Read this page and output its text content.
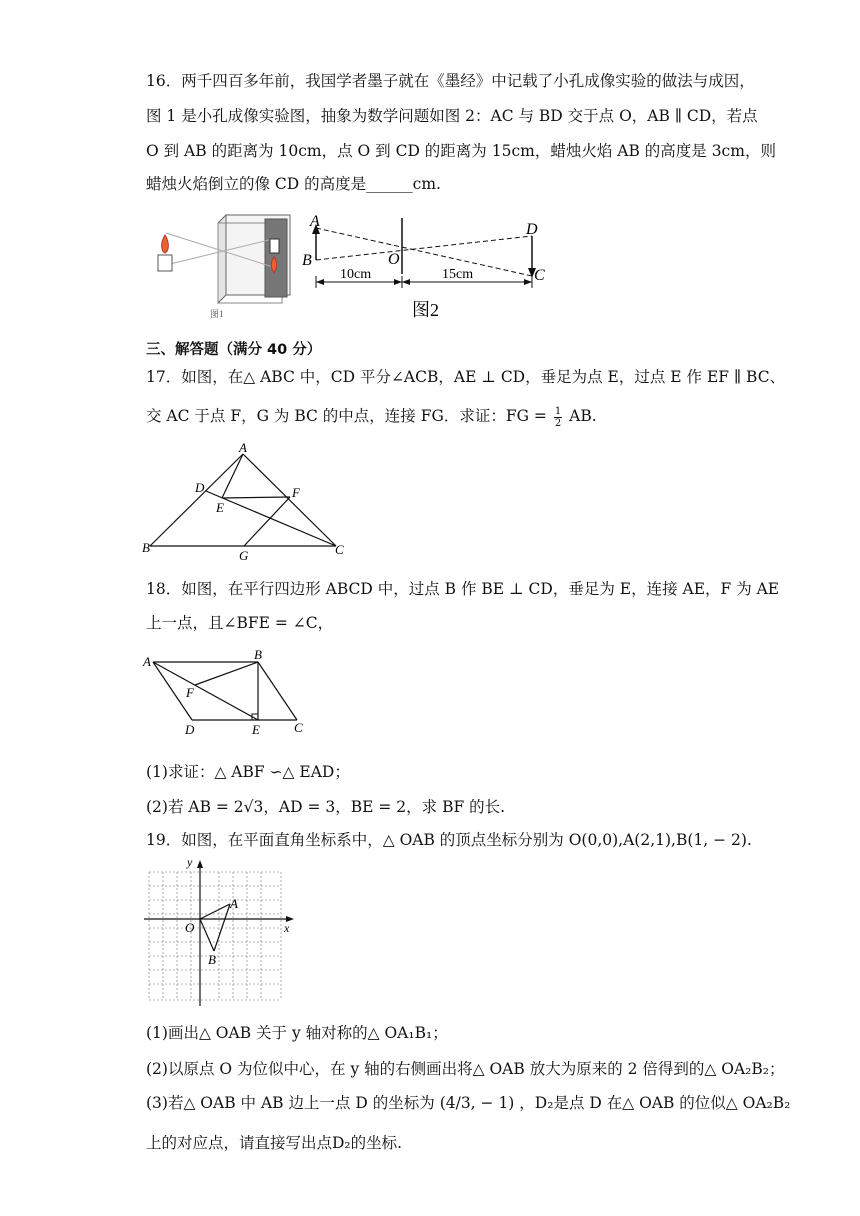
16．两千四百多年前，我国学者墨子就在《墨经》中记载了小孔成像实验的做法与成因，
图 1 是小孔成像实验图，抽象为数学问题如图 2：AC 与 BD 交于点 O，AB ∥ CD，若点
O 到 AB 的距离为 10cm，点 O 到 CD 的距离为 15cm，蜡烛火焰 AB 的高度是 3cm，则
蜡烛火焰倒立的像 CD 的高度是______cm.
图1
A
B	O
D
C
10cm	15cm
图2
三、解答题（满分 40 分）
17．如图，在△ ABC 中，CD 平分∠ACB，AE ⊥ CD，垂足为点 E，过点 E 作 EF ∥ BC、
交 AC 于点 F，G 为 BC 的中点，连接 FG．求证：FG = $\frac{1}{2}$ AB.
A
D
E
F
B
G	C
18．如图，在平行四边形 ABCD 中，过点 B 作 BE ⊥ CD，垂足为 E，连接 AE，F 为 AE
上一点，且∠BFE = ∠C，
A	B
F
D	E	C
(1)求证：△ ABF ∽△ EAD；
(2)若 AB = 2√3，AD = 3，BE = 2，求 BF 的长.
19．如图，在平面直角坐标系中，△ OAB 的顶点坐标分别为 O(0,0),A(2,1),B(1, − 2).
y
x
O
A
B
(1)画出△ OAB 关于 y 轴对称的△ OA₁B₁；
(2)以原点 O 为位似中心，在 y 轴的右侧画出将△ OAB 放大为原来的 2 倍得到的△ OA₂B₂；
(3)若△ OAB 中 AB 边上一点 D 的坐标为 (4/3, − 1) ，D₂是点 D 在△ OAB 的位似△ OA₂B₂
上的对应点，请直接写出点D₂的坐标.
